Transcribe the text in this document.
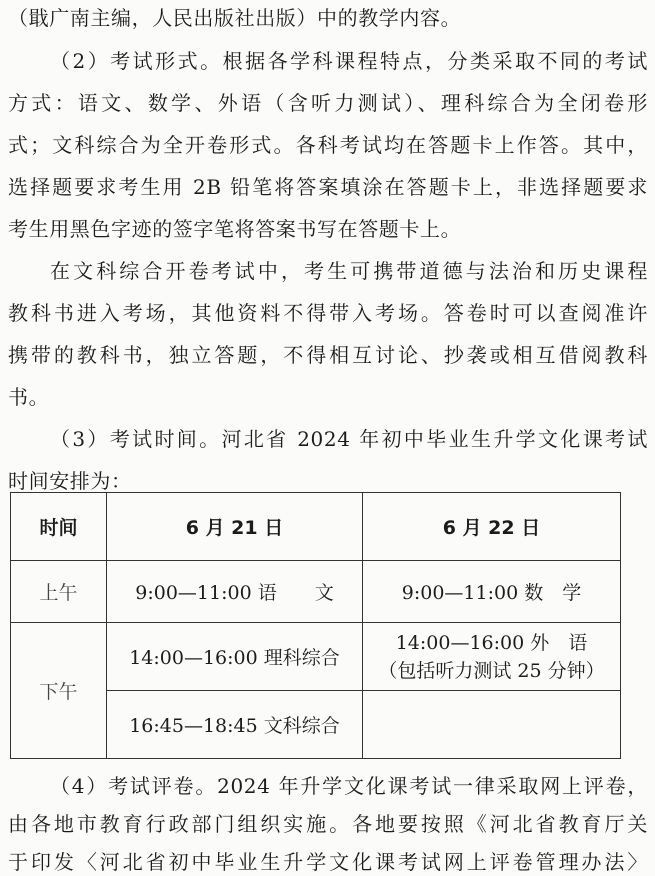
（戢广南主编，人民出版社出版）中的教学内容。
（2）考试形式。根据各学科课程特点，分类采取不同的考试
方式：语文、数学、外语（含听力测试）、理科综合为全闭卷形
式；文科综合为全开卷形式。各科考试均在答题卡上作答。其中，
选择题要求考生用 2B 铅笔将答案填涂在答题卡上，非选择题要求
考生用黑色字迹的签字笔将答案书写在答题卡上。
在文科综合开卷考试中，考生可携带道德与法治和历史课程
教科书进入考场，其他资料不得带入考场。答卷时可以查阅准许
携带的教科书，独立答题，不得相互讨论、抄袭或相互借阅教科
书。
（3）考试时间。河北省 2024 年初中毕业生升学文化课考试
时间安排为：
时间	6 月 21 日	6 月 22 日
上午	9:00—11:00 语　　文	9:00—11:00 数　学
下午	14:00—16:00 理科综合	14:00—16:00 外　语
（包括听力测试 25 分钟）

	16:45—18:45 文科综合	
（4）考试评卷。2024 年升学文化课考试一律采取网上评卷，
由各地市教育行政部门组织实施。各地要按照《河北省教育厅关
于印发〈河北省初中毕业生升学文化课考试网上评卷管理办法〉
